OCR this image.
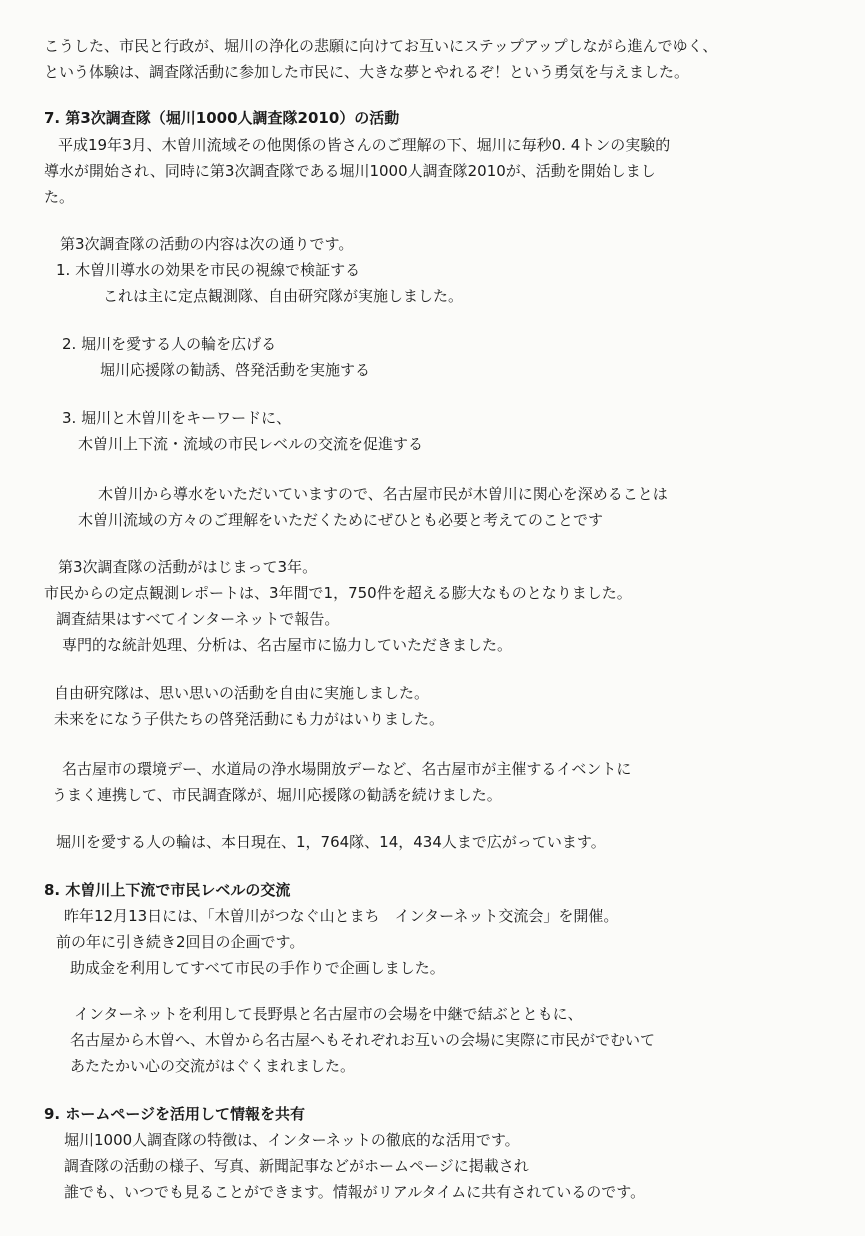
こうした、市民と行政が、堀川の浄化の悲願に向けてお互いにステップアップしながら進んでゆく、
という体験は、調査隊活動に参加した市民に、大きな夢とやれるぞ！という勇気を与えました。
7. 第3次調査隊（堀川1000人調査隊2010）の活動
平成19年3月、木曽川流域その他関係の皆さんのご理解の下、堀川に毎秒0. 4トンの実験的
導水が開始され、同時に第3次調査隊である堀川1000人調査隊2010が、活動を開始しまし
た。
第3次調査隊の活動の内容は次の通りです。
1. 木曽川導水の効果を市民の視線で検証する
これは主に定点観測隊、自由研究隊が実施しました。
2. 堀川を愛する人の輪を広げる
堀川応援隊の勧誘、啓発活動を実施する
3. 堀川と木曽川をキーワードに、
木曽川上下流・流域の市民レベルの交流を促進する
木曽川から導水をいただいていますので、名古屋市民が木曽川に関心を深めることは
木曽川流域の方々のご理解をいただくためにぜひとも必要と考えてのことです
第3次調査隊の活動がはじまって3年。
市民からの定点観測レポートは、3年間で1，750件を超える膨大なものとなりました。
調査結果はすべてインターネットで報告。
専門的な統計処理、分析は、名古屋市に協力していただきました。
自由研究隊は、思い思いの活動を自由に実施しました。
未来をになう子供たちの啓発活動にも力がはいりました。
名古屋市の環境デー、水道局の浄水場開放デーなど、名古屋市が主催するイベントに
うまく連携して、市民調査隊が、堀川応援隊の勧誘を続けました。
堀川を愛する人の輪は、本日現在、1，764隊、14，434人まで広がっています。
8. 木曽川上下流で市民レベルの交流
昨年12月13日には、「木曽川がつなぐ山とまち　インターネット交流会」を開催。
前の年に引き続き2回目の企画です。
助成金を利用してすべて市民の手作りで企画しました。
インターネットを利用して長野県と名古屋市の会場を中継で結ぶとともに、
名古屋から木曽へ、木曽から名古屋へもそれぞれお互いの会場に実際に市民がでむいて
あたたかい心の交流がはぐくまれました。
9. ホームページを活用して情報を共有
堀川1000人調査隊の特徴は、インターネットの徹底的な活用です。
調査隊の活動の様子、写真、新聞記事などがホームページに掲載され
誰でも、いつでも見ることができます。情報がリアルタイムに共有されているのです。
